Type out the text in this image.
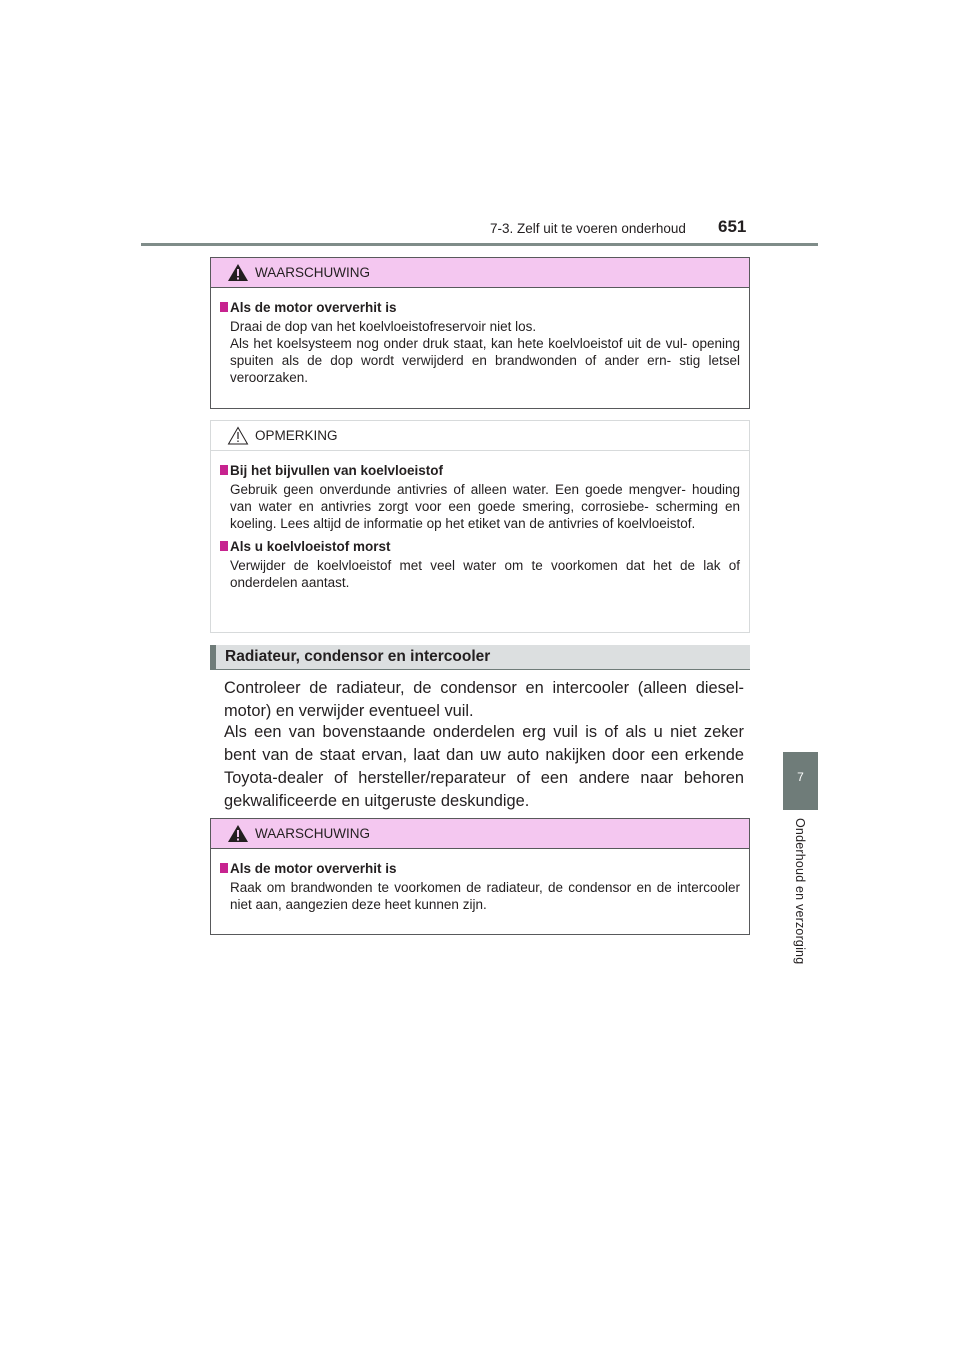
7-3. Zelf uit te voeren onderhoud 651
7
Onderhoud en verzorging
WAARSCHUWING
Als de motor oververhit is
Draai de dop van het koelvloeistofreservoir niet los.
Als het koelsysteem nog onder druk staat, kan hete koelvloeistof uit de vul- opening spuiten als de dop wordt verwijderd en brandwonden of ander ern- stig letsel veroorzaken.
OPMERKING
Bij het bijvullen van koelvloeistof
Gebruik geen onverdunde antivries of alleen water. Een goede mengver- houding van water en antivries zorgt voor een goede smering, corrosiebe- scherming en koeling. Lees altijd de informatie op het etiket van de antivries of koelvloeistof.
Als u koelvloeistof morst
Verwijder de koelvloeistof met veel water om te voorkomen dat het de lak of onderdelen aantast.
Radiateur, condensor en intercooler
Controleer de radiateur, de condensor en intercooler (alleen diesel- motor) en verwijder eventueel vuil.
Als een van bovenstaande onderdelen erg vuil is of als u niet zeker bent van de staat ervan, laat dan uw auto nakijken door een erkende Toyota-dealer of hersteller/reparateur of een andere naar behoren gekwalificeerde en uitgeruste deskundige.
WAARSCHUWING
Als de motor oververhit is
Raak om brandwonden te voorkomen de radiateur, de condensor en de intercooler niet aan, aangezien deze heet kunnen zijn.
